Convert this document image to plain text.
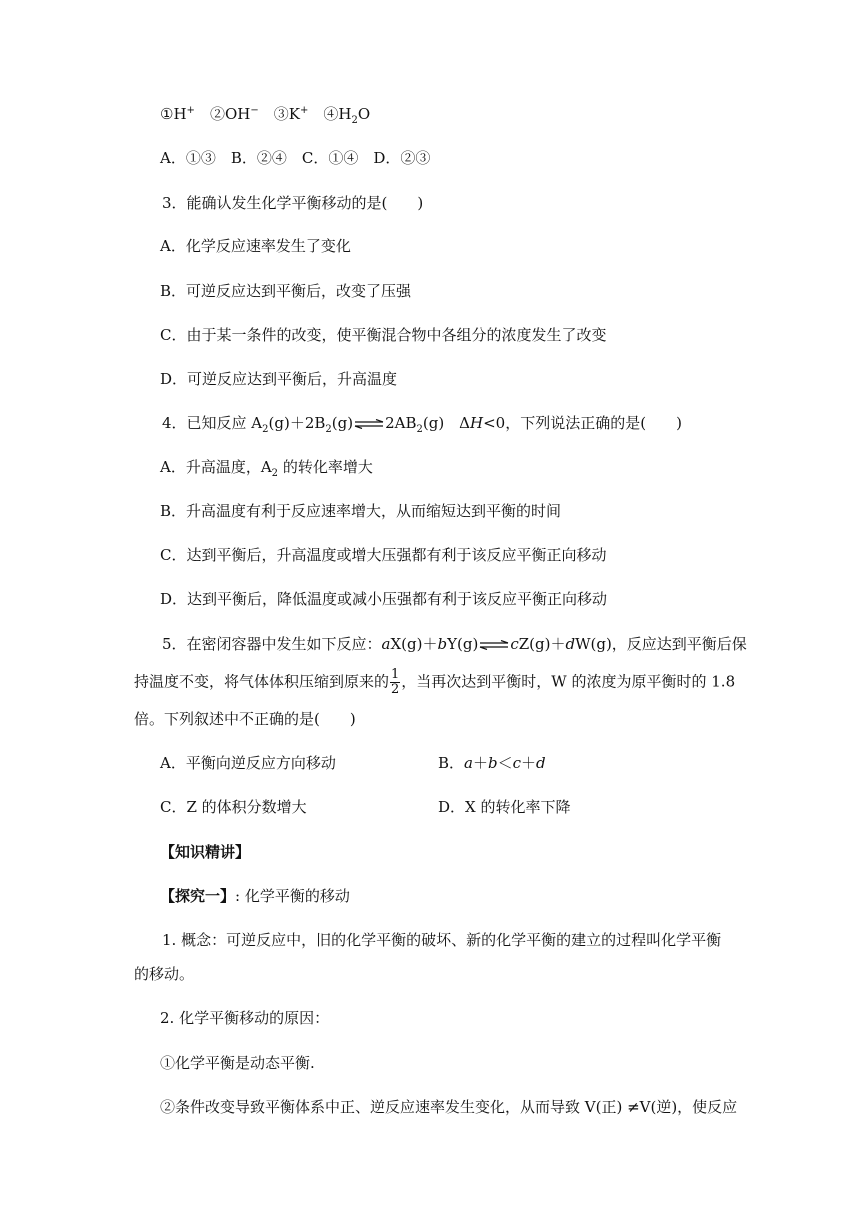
①H+　 ②OH−　 ③K+　 $④H_2O$
A．①③　B．②④　C．①④　D．②③
3．能确认发生化学平衡移动的是(　　)
A．化学反应速率发生了变化
B．可逆反应达到平衡后，改变了压强
C．由于某一条件的改变，使平衡混合物中各组分的浓度发生了改变
D．可逆反应达到平衡后，升高温度
4．已知反应 $A_2(g)+2B_2(g)\rightleftharpoons 2AB_2(g)$　ΔH<0，下列说法正确的是(　　)
A．升高温度，$A_2$ 的转化率增大
B．升高温度有利于反应速率增大，从而缩短达到平衡的时间
C．达到平衡后，升高温度或增大压强都有利于该反应平衡正向移动
D．达到平衡后，降低温度或减小压强都有利于该反应平衡正向移动
5．在密闭容器中发生如下反应：aX(g)＋bY(g)⇌cZ(g)＋dW(g)，反应达到平衡后保
持温度不变，将气体体积压缩到原来的 $\frac{1}{2}$ ，当再次达到平衡时，W 的浓度为原平衡时的 1.8
倍。下列叙述中不正确的是(　　)
A．平衡向逆反应方向移动	B．a＋b＜c＋d
C．Z 的体积分数增大	D．X 的转化率下降
【知识精讲】
【探究一】: 化学平衡的移动
1. 概念：可逆反应中，旧的化学平衡的破坏、新的化学平衡的建立的过程叫化学平衡
的移动。
2. 化学平衡移动的原因：
①化学平衡是动态平衡.
②条件改变导致平衡体系中正、逆反应速率发生变化，从而导致 V(正) ≠V(逆)，使反应
